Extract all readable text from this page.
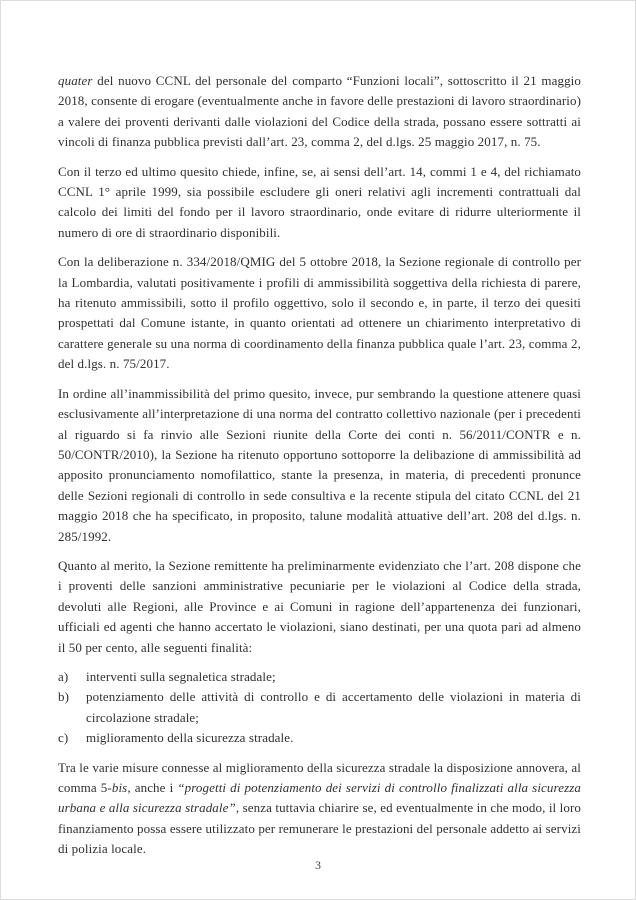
quater del nuovo CCNL del personale del comparto “Funzioni locali”, sottoscritto il 21 maggio 2018, consente di erogare (eventualmente anche in favore delle prestazioni di lavoro straordinario) a valere dei proventi derivanti dalle violazioni del Codice della strada, possano essere sottratti ai vincoli di finanza pubblica previsti dall’art. 23, comma 2, del d.lgs. 25 maggio 2017, n. 75.

Con il terzo ed ultimo quesito chiede, infine, se, ai sensi dell’art. 14, commi 1 e 4, del richiamato CCNL 1° aprile 1999, sia possibile escludere gli oneri relativi agli incrementi contrattuali dal calcolo dei limiti del fondo per il lavoro straordinario, onde evitare di ridurre ulteriormente il numero di ore di straordinario disponibili.

Con la deliberazione n. 334/2018/QMIG del 5 ottobre 2018, la Sezione regionale di controllo per la Lombardia, valutati positivamente i profili di ammissibilità soggettiva della richiesta di parere, ha ritenuto ammissibili, sotto il profilo oggettivo, solo il secondo e, in parte, il terzo dei quesiti prospettati dal Comune istante, in quanto orientati ad ottenere un chiarimento interpretativo di carattere generale su una norma di coordinamento della finanza pubblica quale l’art. 23, comma 2, del d.lgs. n. 75/2017.

In ordine all’inammissibilità del primo quesito, invece, pur sembrando la questione attenere quasi esclusivamente all’interpretazione di una norma del contratto collettivo nazionale (per i precedenti al riguardo si fa rinvio alle Sezioni riunite della Corte dei conti n. 56/2011/CONTR e n. 50/CONTR/2010), la Sezione ha ritenuto opportuno sottoporre la delibazione di ammissibilità ad apposito pronunciamento nomofilattico, stante la presenza, in materia, di precedenti pronunce delle Sezioni regionali di controllo in sede consultiva e la recente stipula del citato CCNL del 21 maggio 2018 che ha specificato, in proposito, talune modalità attuative dell’art. 208 del d.lgs. n. 285/1992.

Quanto al merito, la Sezione remittente ha preliminarmente evidenziato che l’art. 208 dispone che i proventi delle sanzioni amministrative pecuniarie per le violazioni al Codice della strada, devoluti alle Regioni, alle Province e ai Comuni in ragione dell’appartenenza dei funzionari, ufficiali ed agenti che hanno accertato le violazioni, siano destinati, per una quota pari ad almeno il 50 per cento, alle seguenti finalità:

a)	interventi sulla segnaletica stradale;
b)	potenziamento delle attività di controllo e di accertamento delle violazioni in materia di circolazione stradale;
c)	miglioramento della sicurezza stradale.

Tra le varie misure connesse al miglioramento della sicurezza stradale la disposizione annovera, al comma 5-bis, anche i “progetti di potenziamento dei servizi di controllo finalizzati alla sicurezza urbana e alla sicurezza stradale”, senza tuttavia chiarire se, ed eventualmente in che modo, il loro finanziamento possa essere utilizzato per remunerare le prestazioni del personale addetto ai servizi di polizia locale.

3
